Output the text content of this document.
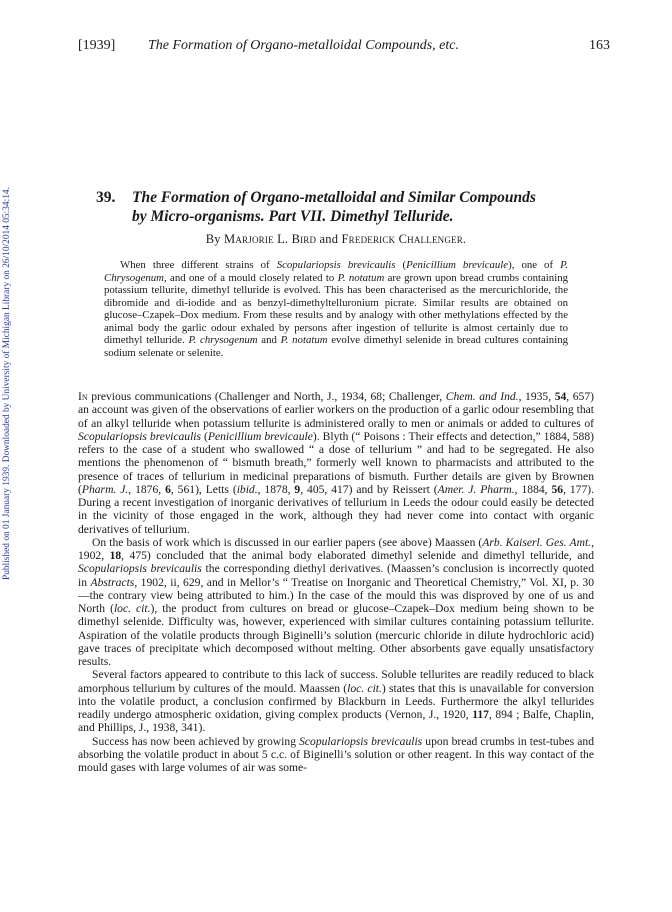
[1939] The Formation of Organo-metalloidal Compounds, etc.	163
Published on 01 January 1939. Downloaded by University of Michigan Library on 26/10/2014 05:34:14.	39. The Formation of Organo-metalloidal and Similar Compounds
by Micro-organisms. Part VII. Dimethyl Telluride.
By Marjorie L. Bird and Frederick Challenger.
When three different strains of Scopulariopsis brevicaulis (Penicillium brevicaule), one of P. Chrysogenum, and one of a mould closely related to P. notatum are grown upon bread crumbs containing potassium tellurite, dimethyl telluride is evolved. This has been characterised as the mercurichloride, the dibromide and di-iodide and as benzyl-dimethyltelluronium picrate. Similar results are obtained on glucose–Czapek–Dox medium. From these results and by analogy with other methylations effected by the animal body the garlic odour exhaled by persons after ingestion of tellurite is almost certainly due to dimethyl telluride. P. chrysogenum and P. notatum evolve dimethyl selenide in bread cultures containing sodium selenate or selenite.

In previous communications (Challenger and North, J., 1934, 68; Challenger, Chem. and Ind., 1935, 54, 657) an account was given of the observations of earlier workers on the production of a garlic odour resembling that of an alkyl telluride when potassium tellurite is administered orally to men or animals or added to cultures of Scopulariopsis brevicaulis (Penicillium brevicaule). Blyth (“ Poisons : Their effects and detection,” 1884, 588) refers to the case of a student who swallowed “ a dose of tellurium ” and had to be segregated. He also mentions the phenomenon of “ bismuth breath,” formerly well known to pharmacists and attributed to the presence of traces of tellurium in medicinal preparations of bismuth. Further details are given by Brownen (Pharm. J., 1876, 6, 561), Letts (ibid., 1878, 9, 405, 417) and by Reissert (Amer. J. Pharm., 1884, 56, 177). During a recent investigation of inorganic derivatives of tellurium in Leeds the odour could easily be detected in the vicinity of those engaged in the work, although they had never come into contact with organic derivatives of tellurium.

On the basis of work which is discussed in our earlier papers (see above) Maassen (Arb. Kaiserl. Ges. Amt., 1902, 18, 475) concluded that the animal body elaborated dimethyl selenide and dimethyl telluride, and Scopulariopsis brevicaulis the corresponding diethyl derivatives. (Maassen’s conclusion is incorrectly quoted in Abstracts, 1902, ii, 629, and in Mellor’s “ Treatise on Inorganic and Theoretical Chemistry,” Vol. XI, p. 30—the contrary view being attributed to him.) In the case of the mould this was disproved by one of us and North (loc. cit.), the product from cultures on bread or glucose–Czapek–Dox medium being shown to be dimethyl selenide. Difficulty was, however, experienced with similar cultures containing potassium tellurite. Aspiration of the volatile products through Biginelli’s solution (mercuric chloride in dilute hydrochloric acid) gave traces of precipitate which decomposed without melting. Other absorbents gave equally unsatisfactory results.

Several factors appeared to contribute to this lack of success. Soluble tellurites are readily reduced to black amorphous tellurium by cultures of the mould. Maassen (loc. cit.) states that this is unavailable for conversion into the volatile product, a conclusion confirmed by Blackburn in Leeds. Furthermore the alkyl tellurides readily undergo atmospheric oxidation, giving complex products (Vernon, J., 1920, 117, 894 ; Balfe, Chaplin, and Phillips, J., 1938, 341).

Success has now been achieved by growing Scopulariopsis brevicaulis upon bread crumbs in test-tubes and absorbing the volatile product in about 5 c.c. of Biginelli’s solution or other reagent. In this way contact of the mould gases with large volumes of air was some-
